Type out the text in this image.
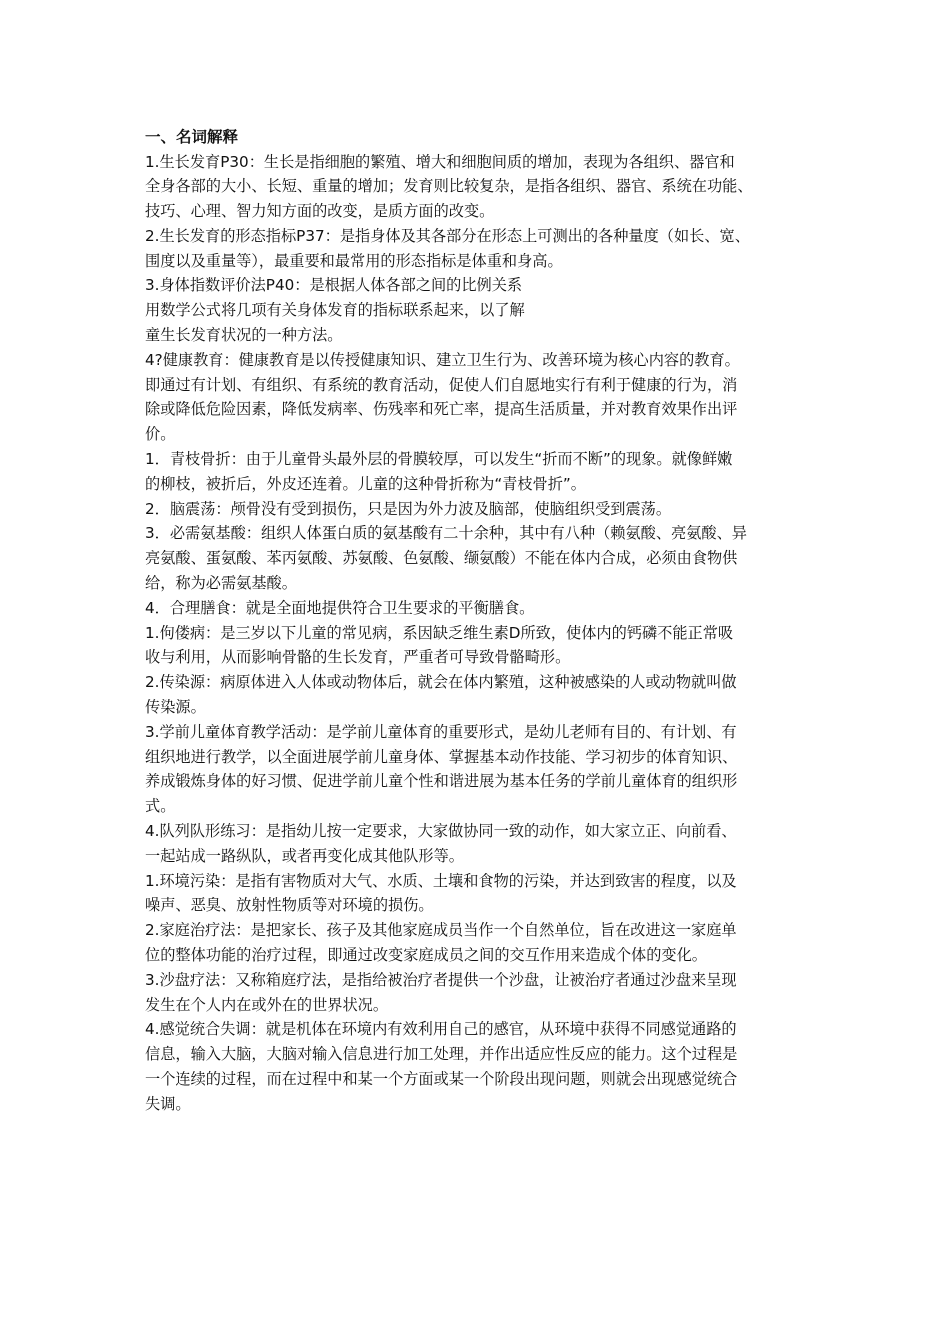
一、名词解释

1.生长发育P30：生长是指细胞的繁殖、增大和细胞间质的增加，表现为各组织、器官和

全身各部的大小、长短、重量的增加；发育则比较复杂，是指各组织、器官、系统在功能、

技巧、心理、智力知方面的改变，是质方面的改变。

2.生长发育的形态指标P37：是指身体及其各部分在形态上可测出的各种量度（如长、宽、

围度以及重量等），最重要和最常用的形态指标是体重和身高。

3.身体指数评价法P40：是根据人体各部之间的比例关系

用数学公式将几项有关身体发育的指标联系起来，以了解

童生长发育状况的一种方法。

4?健康教育：健康教育是以传授健康知识、建立卫生行为、改善环境为核心内容的教育。

即通过有计划、有组织、有系统的教育活动，促使人们自愿地实行有利于健康的行为，消

除或降低危险因素，降低发病率、伤残率和死亡率，提高生活质量，并对教育效果作出评

价。

1．青枝骨折：由于儿童骨头最外层的骨膜较厚，可以发生“折而不断”的现象。就像鲜嫩

的柳枝，被折后，外皮还连着。儿童的这种骨折称为“青枝骨折”。

2．脑震荡：颅骨没有受到损伤，只是因为外力波及脑部，使脑组织受到震荡。

3．必需氨基酸：组织人体蛋白质的氨基酸有二十余种，其中有八种（赖氨酸、亮氨酸、异

亮氨酸、蛋氨酸、苯丙氨酸、苏氨酸、色氨酸、缬氨酸）不能在体内合成，必须由食物供

给，称为必需氨基酸。

4．合理膳食：就是全面地提供符合卫生要求的平衡膳食。

1.佝偻病：是三岁以下儿童的常见病，系因缺乏维生素D所致，使体内的钙磷不能正常吸

收与利用，从而影响骨骼的生长发育，严重者可导致骨骼畸形。

2.传染源：病原体进入人体或动物体后，就会在体内繁殖，这种被感染的人或动物就叫做

传染源。

3.学前儿童体育教学活动：是学前儿童体育的重要形式，是幼儿老师有目的、有计划、有

组织地进行教学，以全面进展学前儿童身体、掌握基本动作技能、学习初步的体育知识、

养成锻炼身体的好习惯、促进学前儿童个性和谐进展为基本任务的学前儿童体育的组织形

式。

4.队列队形练习：是指幼儿按一定要求，大家做协同一致的动作，如大家立正、向前看、

一起站成一路纵队，或者再变化成其他队形等。

1.环境污染：是指有害物质对大气、水质、土壤和食物的污染，并达到致害的程度，以及

噪声、恶臭、放射性物质等对环境的损伤。

2.家庭治疗法：是把家长、孩子及其他家庭成员当作一个自然单位，旨在改进这一家庭单

位的整体功能的治疗过程，即通过改变家庭成员之间的交互作用来造成个体的变化。

3.沙盘疗法：又称箱庭疗法，是指给被治疗者提供一个沙盘，让被治疗者通过沙盘来呈现

发生在个人内在或外在的世界状况。

4.感觉统合失调：就是机体在环境内有效利用自己的感官，从环境中获得不同感觉通路的

信息，输入大脑，大脑对输入信息进行加工处理，并作出适应性反应的能力。这个过程是

一个连续的过程，而在过程中和某一个方面或某一个阶段出现问题，则就会出现感觉统合

失调。
